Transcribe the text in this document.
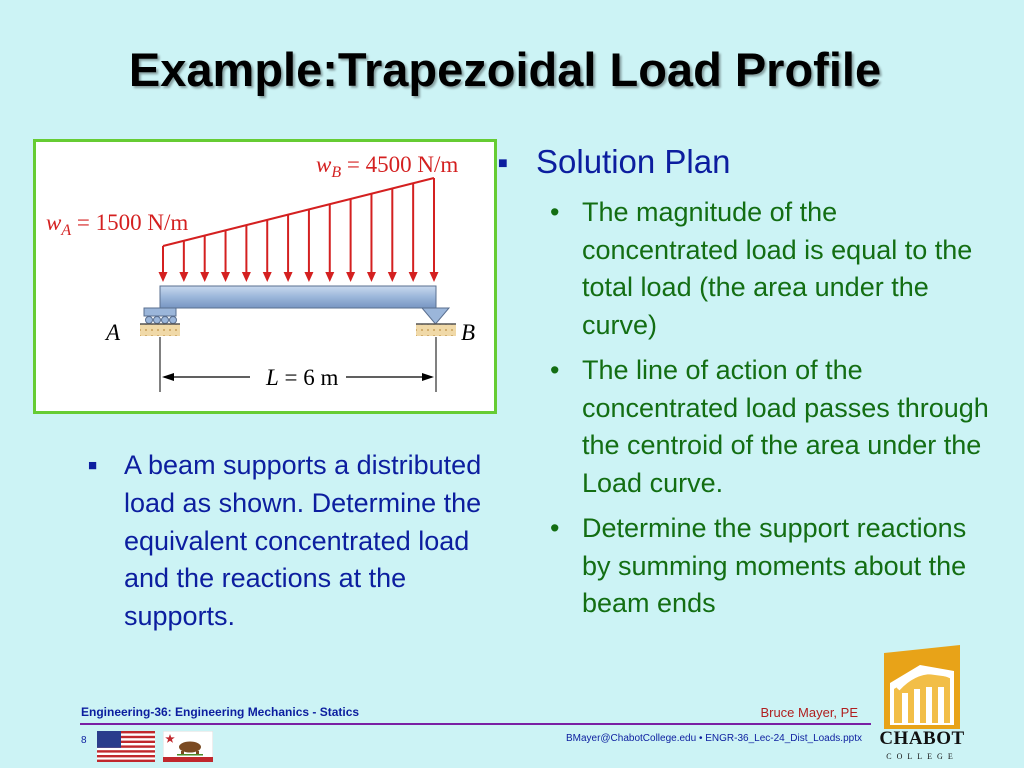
Example:Trapezoidal Load Profile
L = 6 m
A	B
$w_B = 4500$ N/m
$w_A = 1500$ N/m
■ A beam supports a distributed load as shown. Determine the equivalent concentrated load and the reactions at the supports.
■ Solution Plan
• The magnitude of the concentrated load is equal to the total load (the area under the curve)
• The line of action of the concentrated load passes through the centroid of the area under the Load curve.
• Determine the support reactions by summing moments about the beam ends
Engineering-36: Engineering Mechanics - Statics	Bruce Mayer, PE
8	BMayer@ChabotCollege.edu • ENGR-36_Lec-24_Dist_Loads.pptx CHABOT
COLLEGE
